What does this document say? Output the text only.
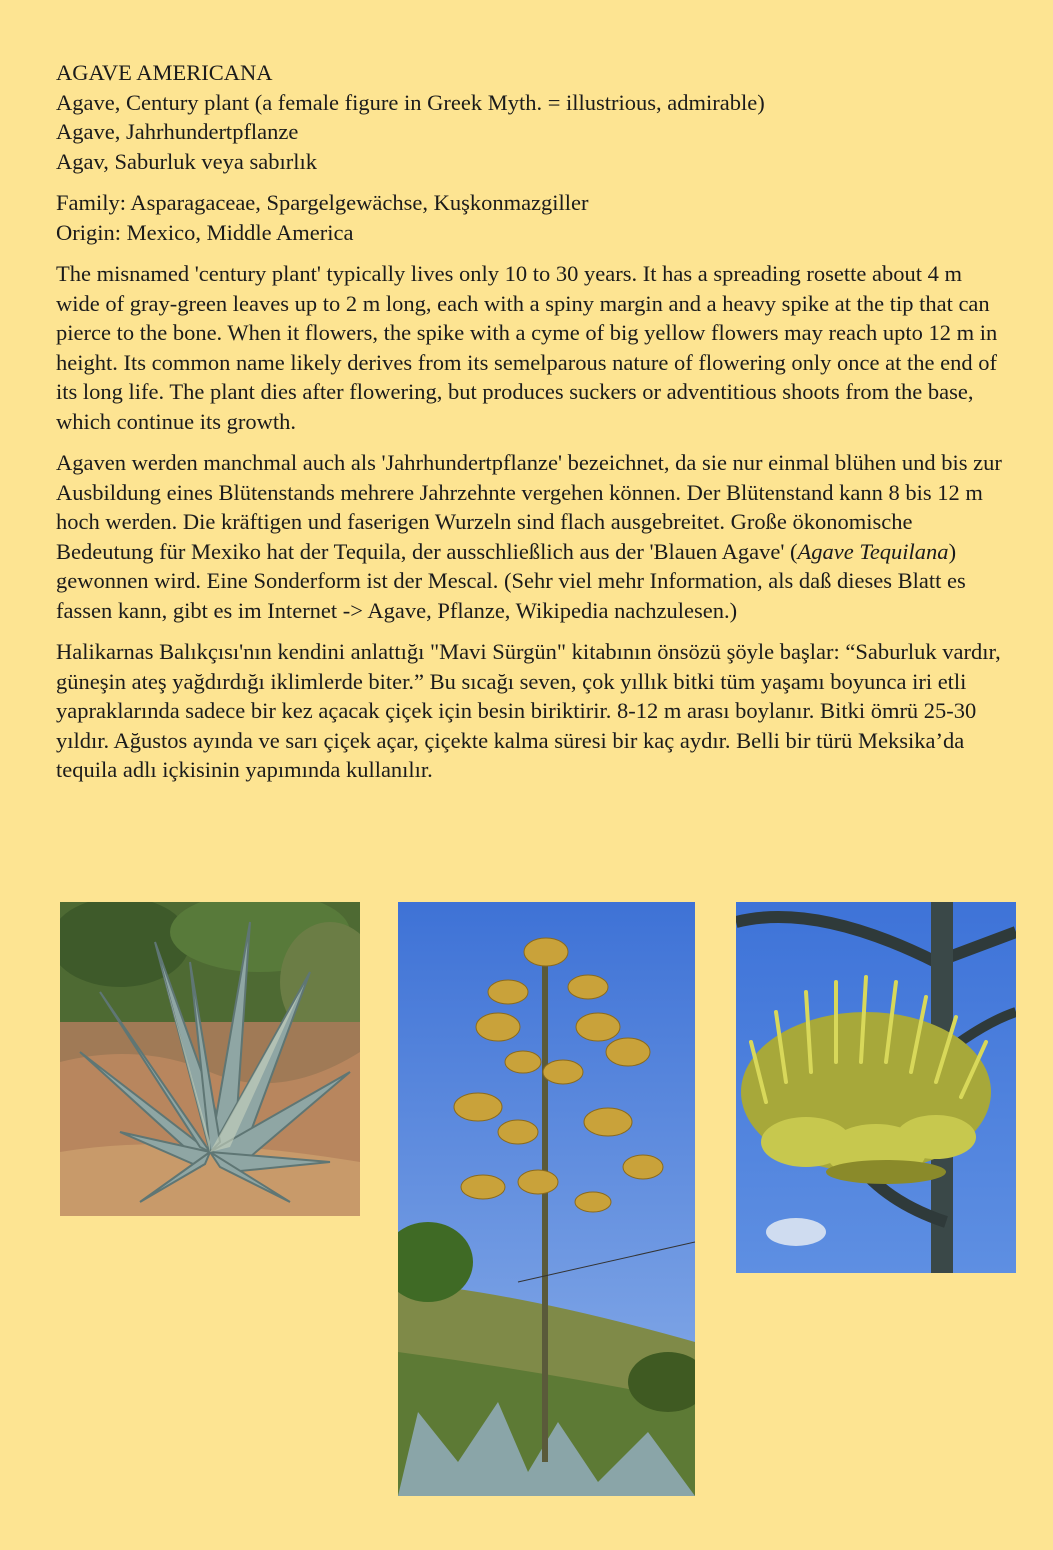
AGAVE AMERICANA
Agave, Century plant (a female figure in Greek Myth. = illustrious, admirable)
Agave, Jahrhundertpflanze
Agav, Saburluk veya sabırlık
Family: Asparagaceae, Spargelgewächse, Kuşkonmazgiller
Origin: Mexico, Middle America

The misnamed 'century plant' typically lives only 10 to 30 years. It has a spreading rosette about 4 m wide of gray-green leaves up to 2 m long, each with a spiny margin and a heavy spike at the tip that can pierce to the bone. When it flowers, the spike with a cyme of big yellow flowers may reach upto 12 m in height. Its common name likely derives from its semelparous nature of flowering only once at the end of its long life. The plant dies after flowering, but produces suckers or adventitious shoots from the base, which continue its growth.

Agaven werden manchmal auch als 'Jahrhundertpflanze' bezeichnet, da sie nur einmal blühen und bis zur Ausbildung eines Blütenstands mehrere Jahrzehnte vergehen können. Der Blütenstand kann 8 bis 12 m hoch werden. Die kräftigen und faserigen Wurzeln sind flach ausgebreitet. Große ökonomische Bedeutung für Mexiko hat der Tequila, der ausschließlich aus der 'Blauen Agave' (Agave Tequilana) gewonnen wird. Eine Sonderform ist der Mescal. (Sehr viel mehr Information, als daß dieses Blatt es fassen kann, gibt es im Internet -> Agave, Pflanze, Wikipedia nachzulesen.)

Halikarnas Balıkçısı'nın kendini anlattığı "Mavi Sürgün" kitabının önsözü şöyle başlar: “Saburluk vardır, güneşin ateş yağdırdığı iklimlerde biter.” Bu sıcağı seven, çok yıllık bitki tüm yaşamı boyunca iri etli yapraklarında sadece bir kez açacak çiçek için besin biriktirir. 8-12 m arası boylanır. Bitki ömrü 25-30 yıldır. Ağustos ayında ve sarı çiçek açar, çiçekte kalma süresi bir kaç aydır. Belli bir türü Meksika’da tequila adlı içkisinin yapımında kullanılır.
